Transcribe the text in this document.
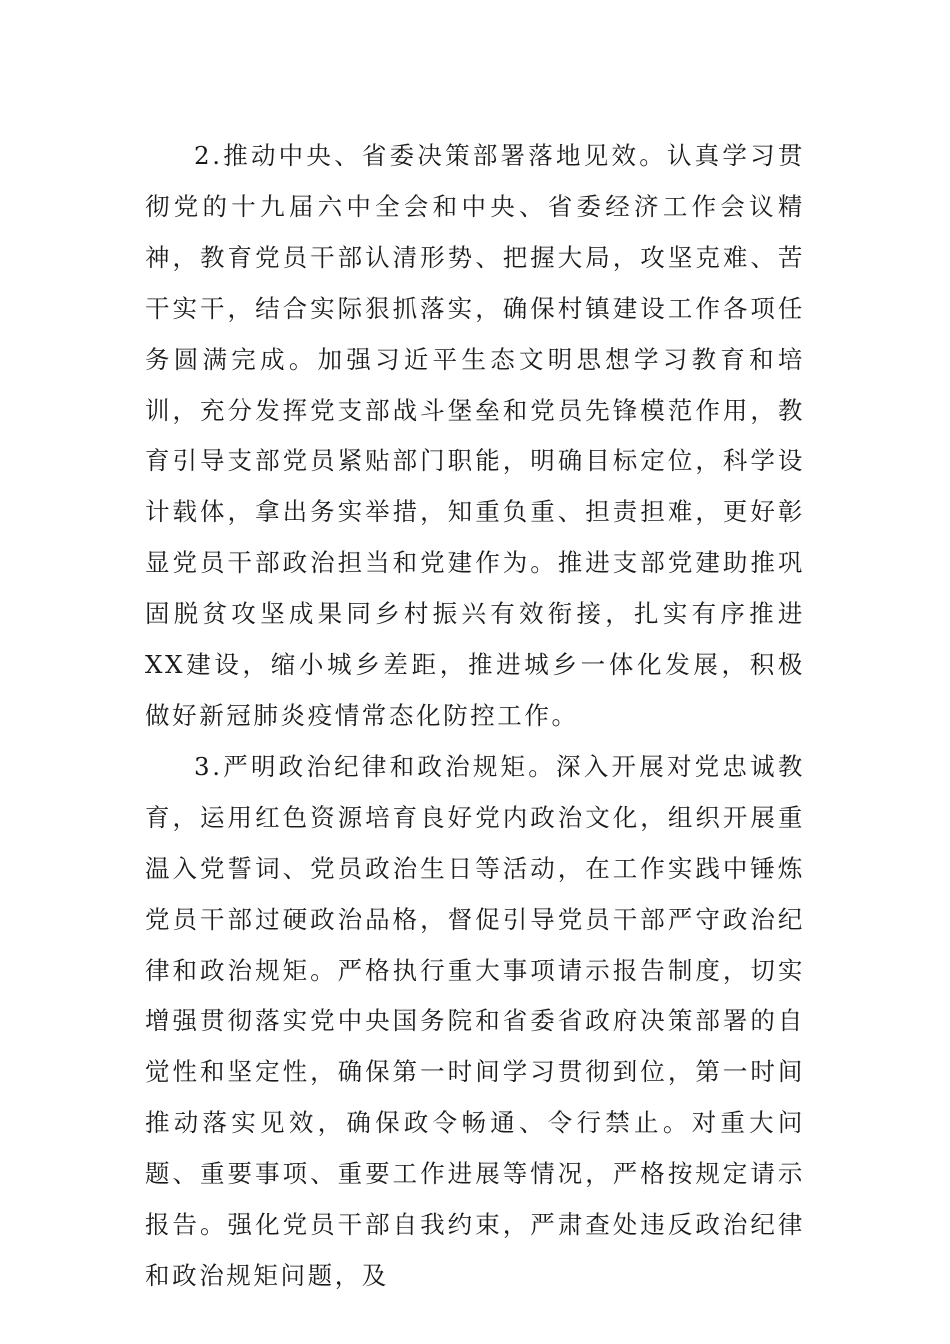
2.推动中央、省委决策部署落地见效。认真学习贯彻党的十九届六中全会和中央、省委经济工作会议精神，教育党员干部认清形势、把握大局，攻坚克难、苦干实干，结合实际狠抓落实，确保村镇建设工作各项任务圆满完成。加强习近平生态文明思想学习教育和培训，充分发挥党支部战斗堡垒和党员先锋模范作用，教育引导支部党员紧贴部门职能，明确目标定位，科学设计载体，拿出务实举措，知重负重、担责担难，更好彰显党员干部政治担当和党建作为。推进支部党建助推巩固脱贫攻坚成果同乡村振兴有效衔接，扎实有序推进XX建设，缩小城乡差距，推进城乡一体化发展，积极做好新冠肺炎疫情常态化防控工作。

3.严明政治纪律和政治规矩。深入开展对党忠诚教育，运用红色资源培育良好党内政治文化，组织开展重温入党誓词、党员政治生日等活动，在工作实践中锤炼党员干部过硬政治品格，督促引导党员干部严守政治纪律和政治规矩。严格执行重大事项请示报告制度，切实增强贯彻落实党中央国务院和省委省政府决策部署的自觉性和坚定性，确保第一时间学习贯彻到位，第一时间推动落实见效，确保政令畅通、令行禁止。对重大问题、重要事项、重要工作进展等情况，严格按规定请示报告。强化党员干部自我约束，严肃查处违反政治纪律和政治规矩问题，及
